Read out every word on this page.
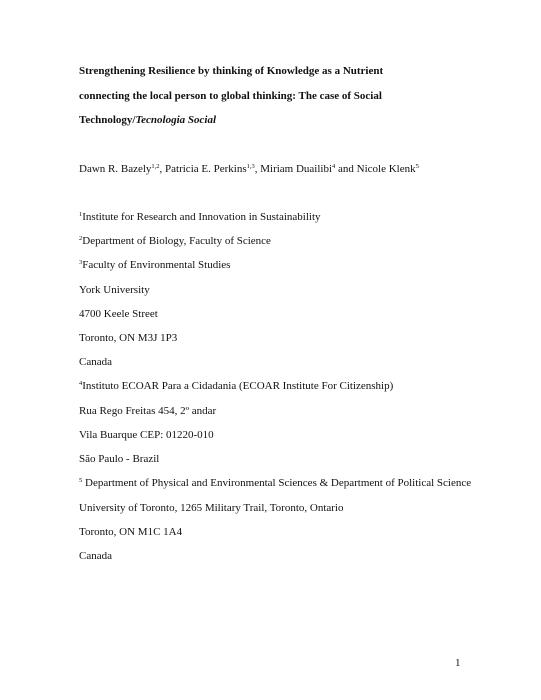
Strengthening Resilience by thinking of Knowledge as a Nutrient
connecting the local person to global thinking: The case of Social
Technology/Tecnologia Social
Dawn R. Bazely$^{1,2}$, Patricia E. Perkins$^{1,3}$, Miriam Duailibi$^4$ and Nicole Klenk$^5$
$^1$Institute for Research and Innovation in Sustainability
$^2$Department of Biology, Faculty of Science
$^3$Faculty of Environmental Studies
York University
4700 Keele Street
Toronto, ON M3J 1P3
Canada
$^4$Instituto ECOAR Para a Cidadania (ECOAR Institute For Citizenship)
Rua Rego Freitas 454, 2º andar
Vila Buarque CEP: 01220-010
São Paulo - Brazil
$^5$ Department of Physical and Environmental Sciences & Department of Political Science
University of Toronto, 1265 Military Trail, Toronto, Ontario
Toronto, ON M1C 1A4
Canada
1
